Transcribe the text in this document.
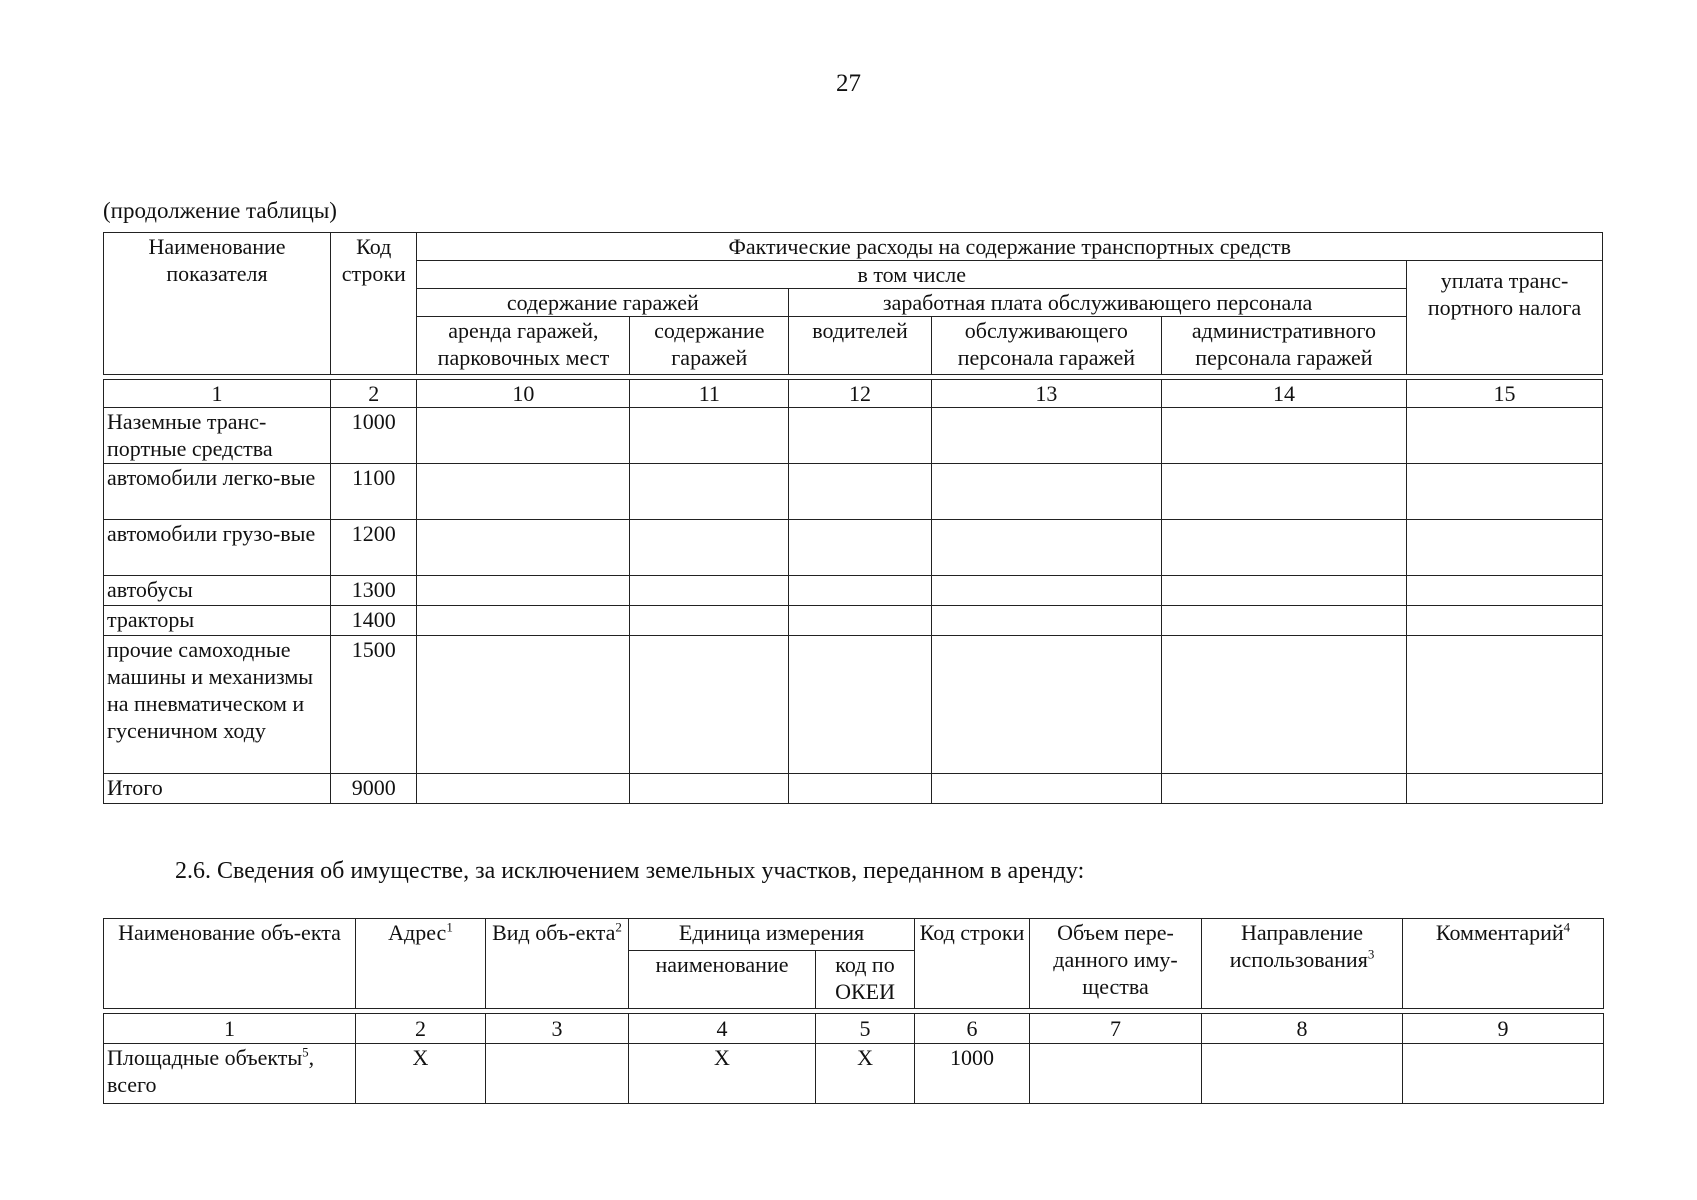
27
(продолжение таблицы)
Наименование показателя	Код строки	Фактические расходы на содержание транспортных средств					
		в том числе					уплата транс-портного налога
		содержание гаражей		заработная плата обслуживающего персонала			
		аренда гаражей, парковочных мест	содержание гаражей	водителей	обслуживающего персонала гаражей	административного персонала гаражей	

1	2	10	11	12	13	14	15
Наземные транс-портные средства	1000						
автомобили легко-вые	1100						
автомобили грузо-вые	1200						
автобусы	1300						
тракторы	1400						
прочие самоходные машины и механизмы на пневматическом и гусеничном ходу	1500						
Итого	9000						
2.6. Сведения об имуществе, за исключением земельных участков, переданном в аренду:
Наименование объ-екта	Адрес$^1$	Вид объ-екта$^2$	Единица измерения		Код строки	Объем пере-данного иму-щества	Направление использования$^3$	Комментарий$^4$
			наименование	код по ОКЕИ				

1	2	3	4	5	6	7	8	9
Площадные объекты$^5$, всего	X		X	X	1000			
